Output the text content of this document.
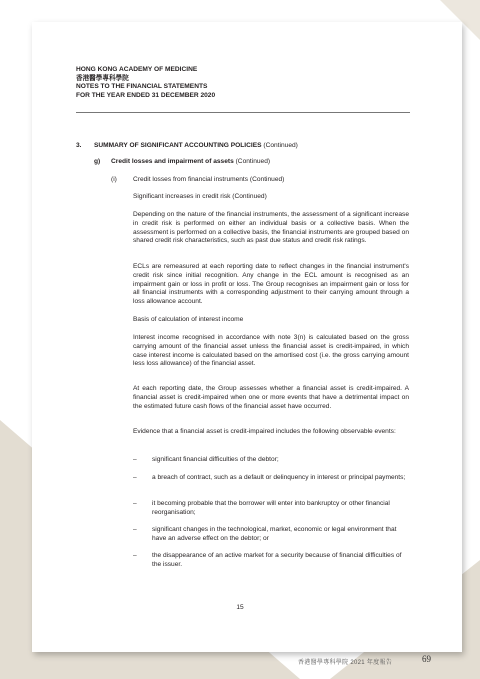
HONG KONG ACADEMY OF MEDICINE
香港醫學專科學院
NOTES TO THE FINANCIAL STATEMENTS
FOR THE YEAR ENDED 31 DECEMBER 2020
3. SUMMARY OF SIGNIFICANT ACCOUNTING POLICIES (Continued)
g) Credit losses and impairment of assets (Continued)
(i) Credit losses from financial instruments (Continued)
Significant increases in credit risk (Continued)
Depending on the nature of the financial instruments, the assessment of a significant increase in credit risk is performed on either an individual basis or a collective basis. When the assessment is performed on a collective basis, the financial instruments are grouped based on shared credit risk characteristics, such as past due status and credit risk ratings.
ECLs are remeasured at each reporting date to reflect changes in the financial instrument's credit risk since initial recognition. Any change in the ECL amount is recognised as an impairment gain or loss in profit or loss. The Group recognises an impairment gain or loss for all financial instruments with a corresponding adjustment to their carrying amount through a loss allowance account.
Basis of calculation of interest income
Interest income recognised in accordance with note 3(n) is calculated based on the gross carrying amount of the financial asset unless the financial asset is credit-impaired, in which case interest income is calculated based on the amortised cost (i.e. the gross carrying amount less loss allowance) of the financial asset.
At each reporting date, the Group assesses whether a financial asset is credit-impaired. A financial asset is credit-impaired when one or more events that have a detrimental impact on the estimated future cash flows of the financial asset have occurred.
Evidence that a financial asset is credit-impaired includes the following observable events:
– significant financial difficulties of the debtor;
– a breach of contract, such as a default or delinquency in interest or principal payments;
– it becoming probable that the borrower will enter into bankruptcy or other financial reorganisation;
– significant changes in the technological, market, economic or legal environment that have an adverse effect on the debtor; or
– the disappearance of an active market for a security because of financial difficulties of the issuer.
15
香港醫學專科學院 2021 年度報告	69
